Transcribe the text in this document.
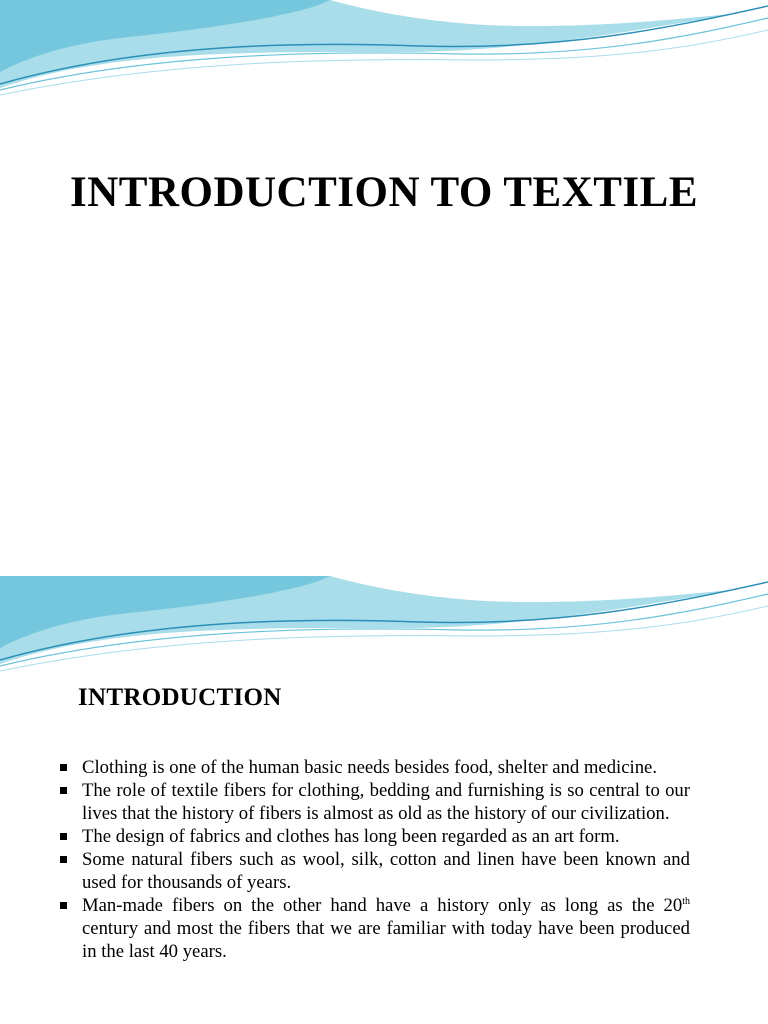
INTRODUCTION TO TEXTILE
INTRODUCTION
Clothing is one of the human basic needs besides food, shelter and medicine.
The role of textile fibers for clothing, bedding and furnishing is so central to our lives that the history of fibers is almost as old as the history of our civilization.
The design of fabrics and clothes has long been regarded as an art form.
Some natural fibers such as wool, silk, cotton and linen have been known and used for thousands of years.
Man-made fibers on the other hand have a history only as long as the 20th century and most the fibers that we are familiar with today have been produced in the last 40 years.
